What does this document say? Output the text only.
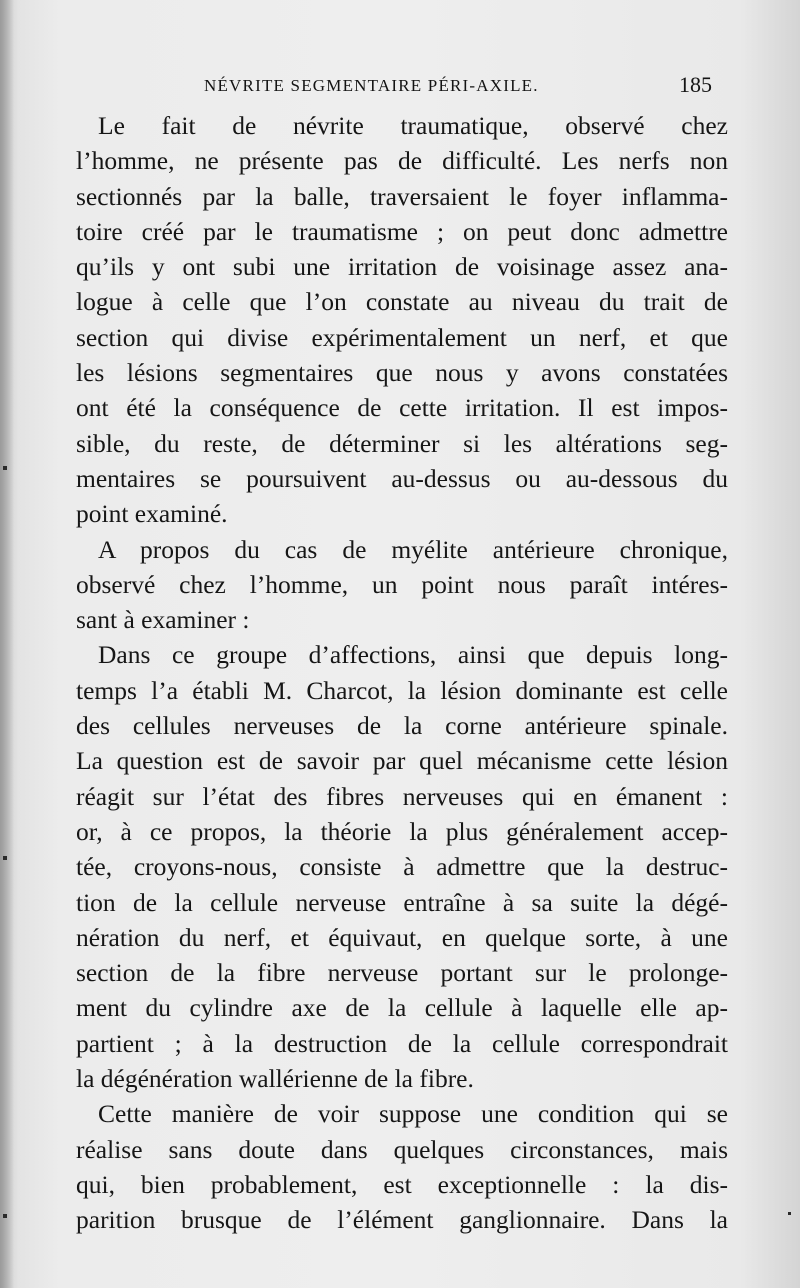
NÉVRITE SEGMENTAIRE PÉRI-AXILE.	185

Le fait de névrite traumatique, observé chez
l’homme, ne présente pas de difficulté. Les nerfs non
sectionnés par la balle, traversaient le foyer inflamma-
toire créé par le traumatisme ; on peut donc admettre
qu’ils y ont subi une irritation de voisinage assez ana-
logue à celle que l’on constate au niveau du trait de
section qui divise expérimentalement un nerf, et que
les lésions segmentaires que nous y avons constatées
ont été la conséquence de cette irritation. Il est impos-
sible, du reste, de déterminer si les altérations seg-
mentaires se poursuivent au-dessus ou au-dessous du
point examiné.

A propos du cas de myélite antérieure chronique,
observé chez l’homme, un point nous paraît intéres-
sant à examiner :

Dans ce groupe d’affections, ainsi que depuis long-
temps l’a établi M. Charcot, la lésion dominante est celle
des cellules nerveuses de la corne antérieure spinale.
La question est de savoir par quel mécanisme cette lésion
réagit sur l’état des fibres nerveuses qui en émanent :
or, à ce propos, la théorie la plus généralement accep-
tée, croyons-nous, consiste à admettre que la destruc-
tion de la cellule nerveuse entraîne à sa suite la dégé-
nération du nerf, et équivaut, en quelque sorte, à une
section de la fibre nerveuse portant sur le prolonge-
ment du cylindre axe de la cellule à laquelle elle ap-
partient ; à la destruction de la cellule correspondrait
la dégénération wallérienne de la fibre.

Cette manière de voir suppose une condition qui se
réalise sans doute dans quelques circonstances, mais
qui, bien probablement, est exceptionnelle : la dis-
parition brusque de l’élément ganglionnaire. Dans la
